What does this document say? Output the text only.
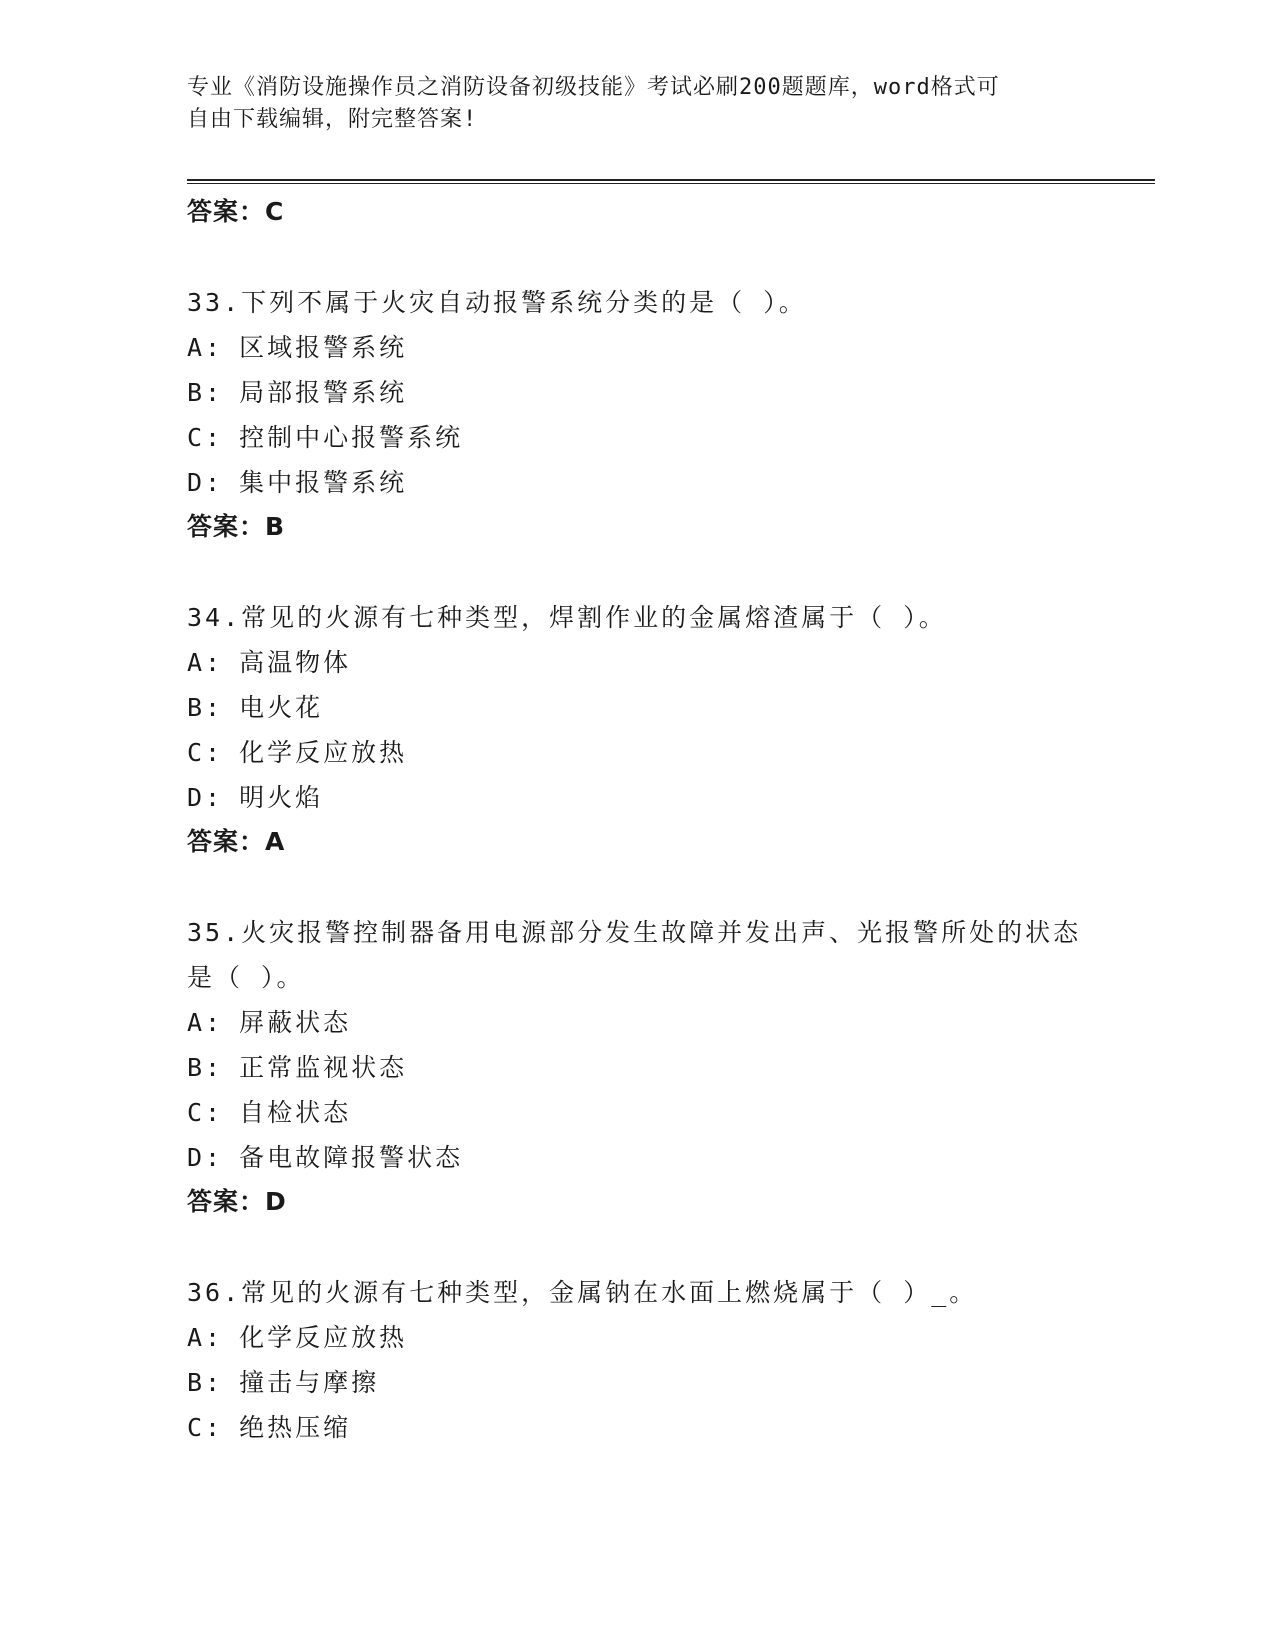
专业《消防设施操作员之消防设备初级技能》考试必刷200题题库，word格式可
自由下载编辑，附完整答案!
答案：C
33.下列不属于火灾自动报警系统分类的是（ ）。
A: 区域报警系统
B: 局部报警系统
C: 控制中心报警系统
D: 集中报警系统
答案：B
34.常见的火源有七种类型，焊割作业的金属熔渣属于（ ）。
A: 高温物体
B: 电火花
C: 化学反应放热
D: 明火焰
答案：A
35.火灾报警控制器备用电源部分发生故障并发出声、光报警所处的状态是（ ）。
A: 屏蔽状态
B: 正常监视状态
C: 自检状态
D: 备电故障报警状态
答案：D
36.常见的火源有七种类型，金属钠在水面上燃烧属于（ ）_。
A: 化学反应放热
B: 撞击与摩擦
C: 绝热压缩
